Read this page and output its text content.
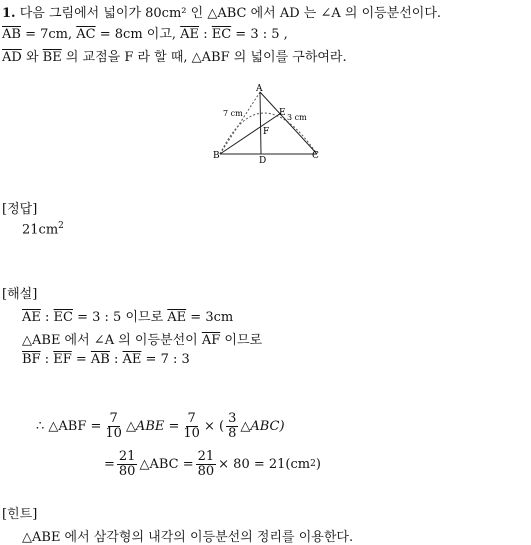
1. 다음 그림에서 넓이가 80cm² 인 △ABC 에서 AD 는 ∠A 의 이등분선이다.
$\overline{AB} = 7cm$, $\overline{AC} = 8cm$ 이고, $\overline{AE}$ : $\overline{EC} = 3$ : 5 ,
$\overline{AD}$ 와 $\overline{BE}$ 의 교점을 F 라 할 때, △ABF 의 넓이를 구하여라.
A
B	C
D
E
F
7 cm	3 cm
[정답]
$21cm^2$
[해설]
$\overline{AE}$ : $\overline{EC} = 3$ : 5 이므로 $\overline{AE} = 3cm$
△ABE 에서 ∠A 의 이등분선이 $\overline{AF}$ 이므로
$\overline{BF}$ : $\overline{EF} = \overline{AB}$ : $\overline{AE} = 7$ : 3
∴ △ABF = $\frac{7}{10}$ △ABE = $\frac{7}{10}$ × ( $\frac{3}{8}$ △ABC)
= $\frac{21}{80}$ △ABC = $\frac{21}{80} \times 80 = 21(cm$ 2 )
[힌트]
△ABE 에서 삼각형의 내각의 이등분선의 정리를 이용한다.
